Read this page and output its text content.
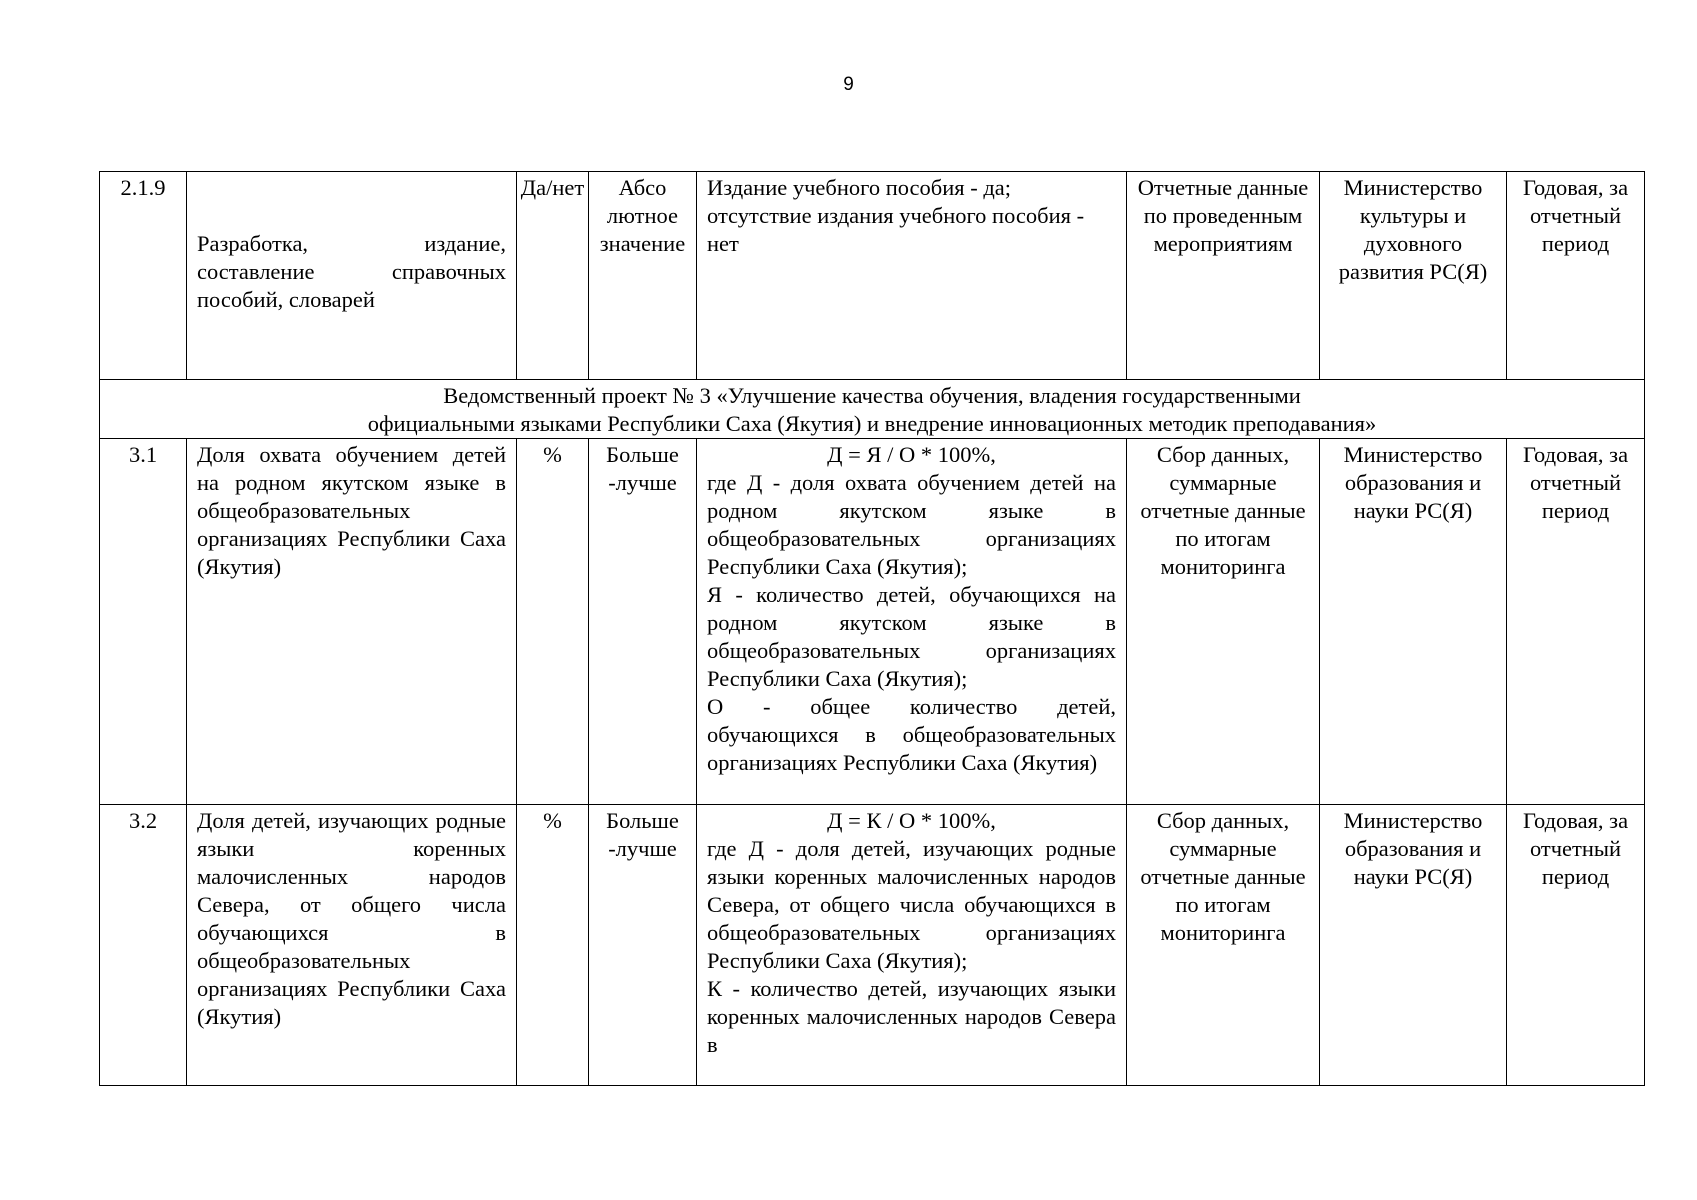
9
2.1.9	Разработка, издание, составление справочных пособий, словарей	Да/нет	Абсо лютное значение	Издание учебного пособия - да;
отсутствие издания учебного пособия - нет	Отчетные данные по проведенным мероприятиям	Министерство культуры и духовного развития РС(Я)	Годовая, за отчетный период

Ведомственный проект № 3 «Улучшение качества обучения, владения государственными
официальными языками Республики Саха (Якутия) и внедрение инновационных методик преподавания»							

3.1	Доля охвата обучением детей на родном якутском языке в общеобразовательных организациях Республики Саха (Якутия)	%	Больше -лучше	Д = Я / О * 100%,
где Д - доля охвата обучением детей на родном якутском языке в общеобразовательных организациях Республики Саха (Якутия);
Я - количество детей, обучающихся на родном якутском языке в общеобразовательных организациях Республики Саха (Якутия);
О - общее количество детей, обучающихся в общеобразовательных организациях Республики Саха (Якутия)	Сбор данных, суммарные отчетные данные по итогам мониторинга	Министерство образования и науки РС(Я)	Годовая, за отчетный период
3.2	Доля детей, изучающих родные языки коренных малочисленных народов Севера, от общего числа обучающихся в общеобразовательных организациях Республики Саха (Якутия)	%	Больше -лучше	Д = К / О * 100%,
где Д - доля детей, изучающих родные языки коренных малочисленных народов Севера, от общего числа обучающихся в общеобразовательных организациях Республики Саха (Якутия);
К - количество детей, изучающих языки коренных малочисленных народов Севера в	Сбор данных, суммарные отчетные данные по итогам мониторинга	Министерство образования и науки РС(Я)	Годовая, за отчетный период
